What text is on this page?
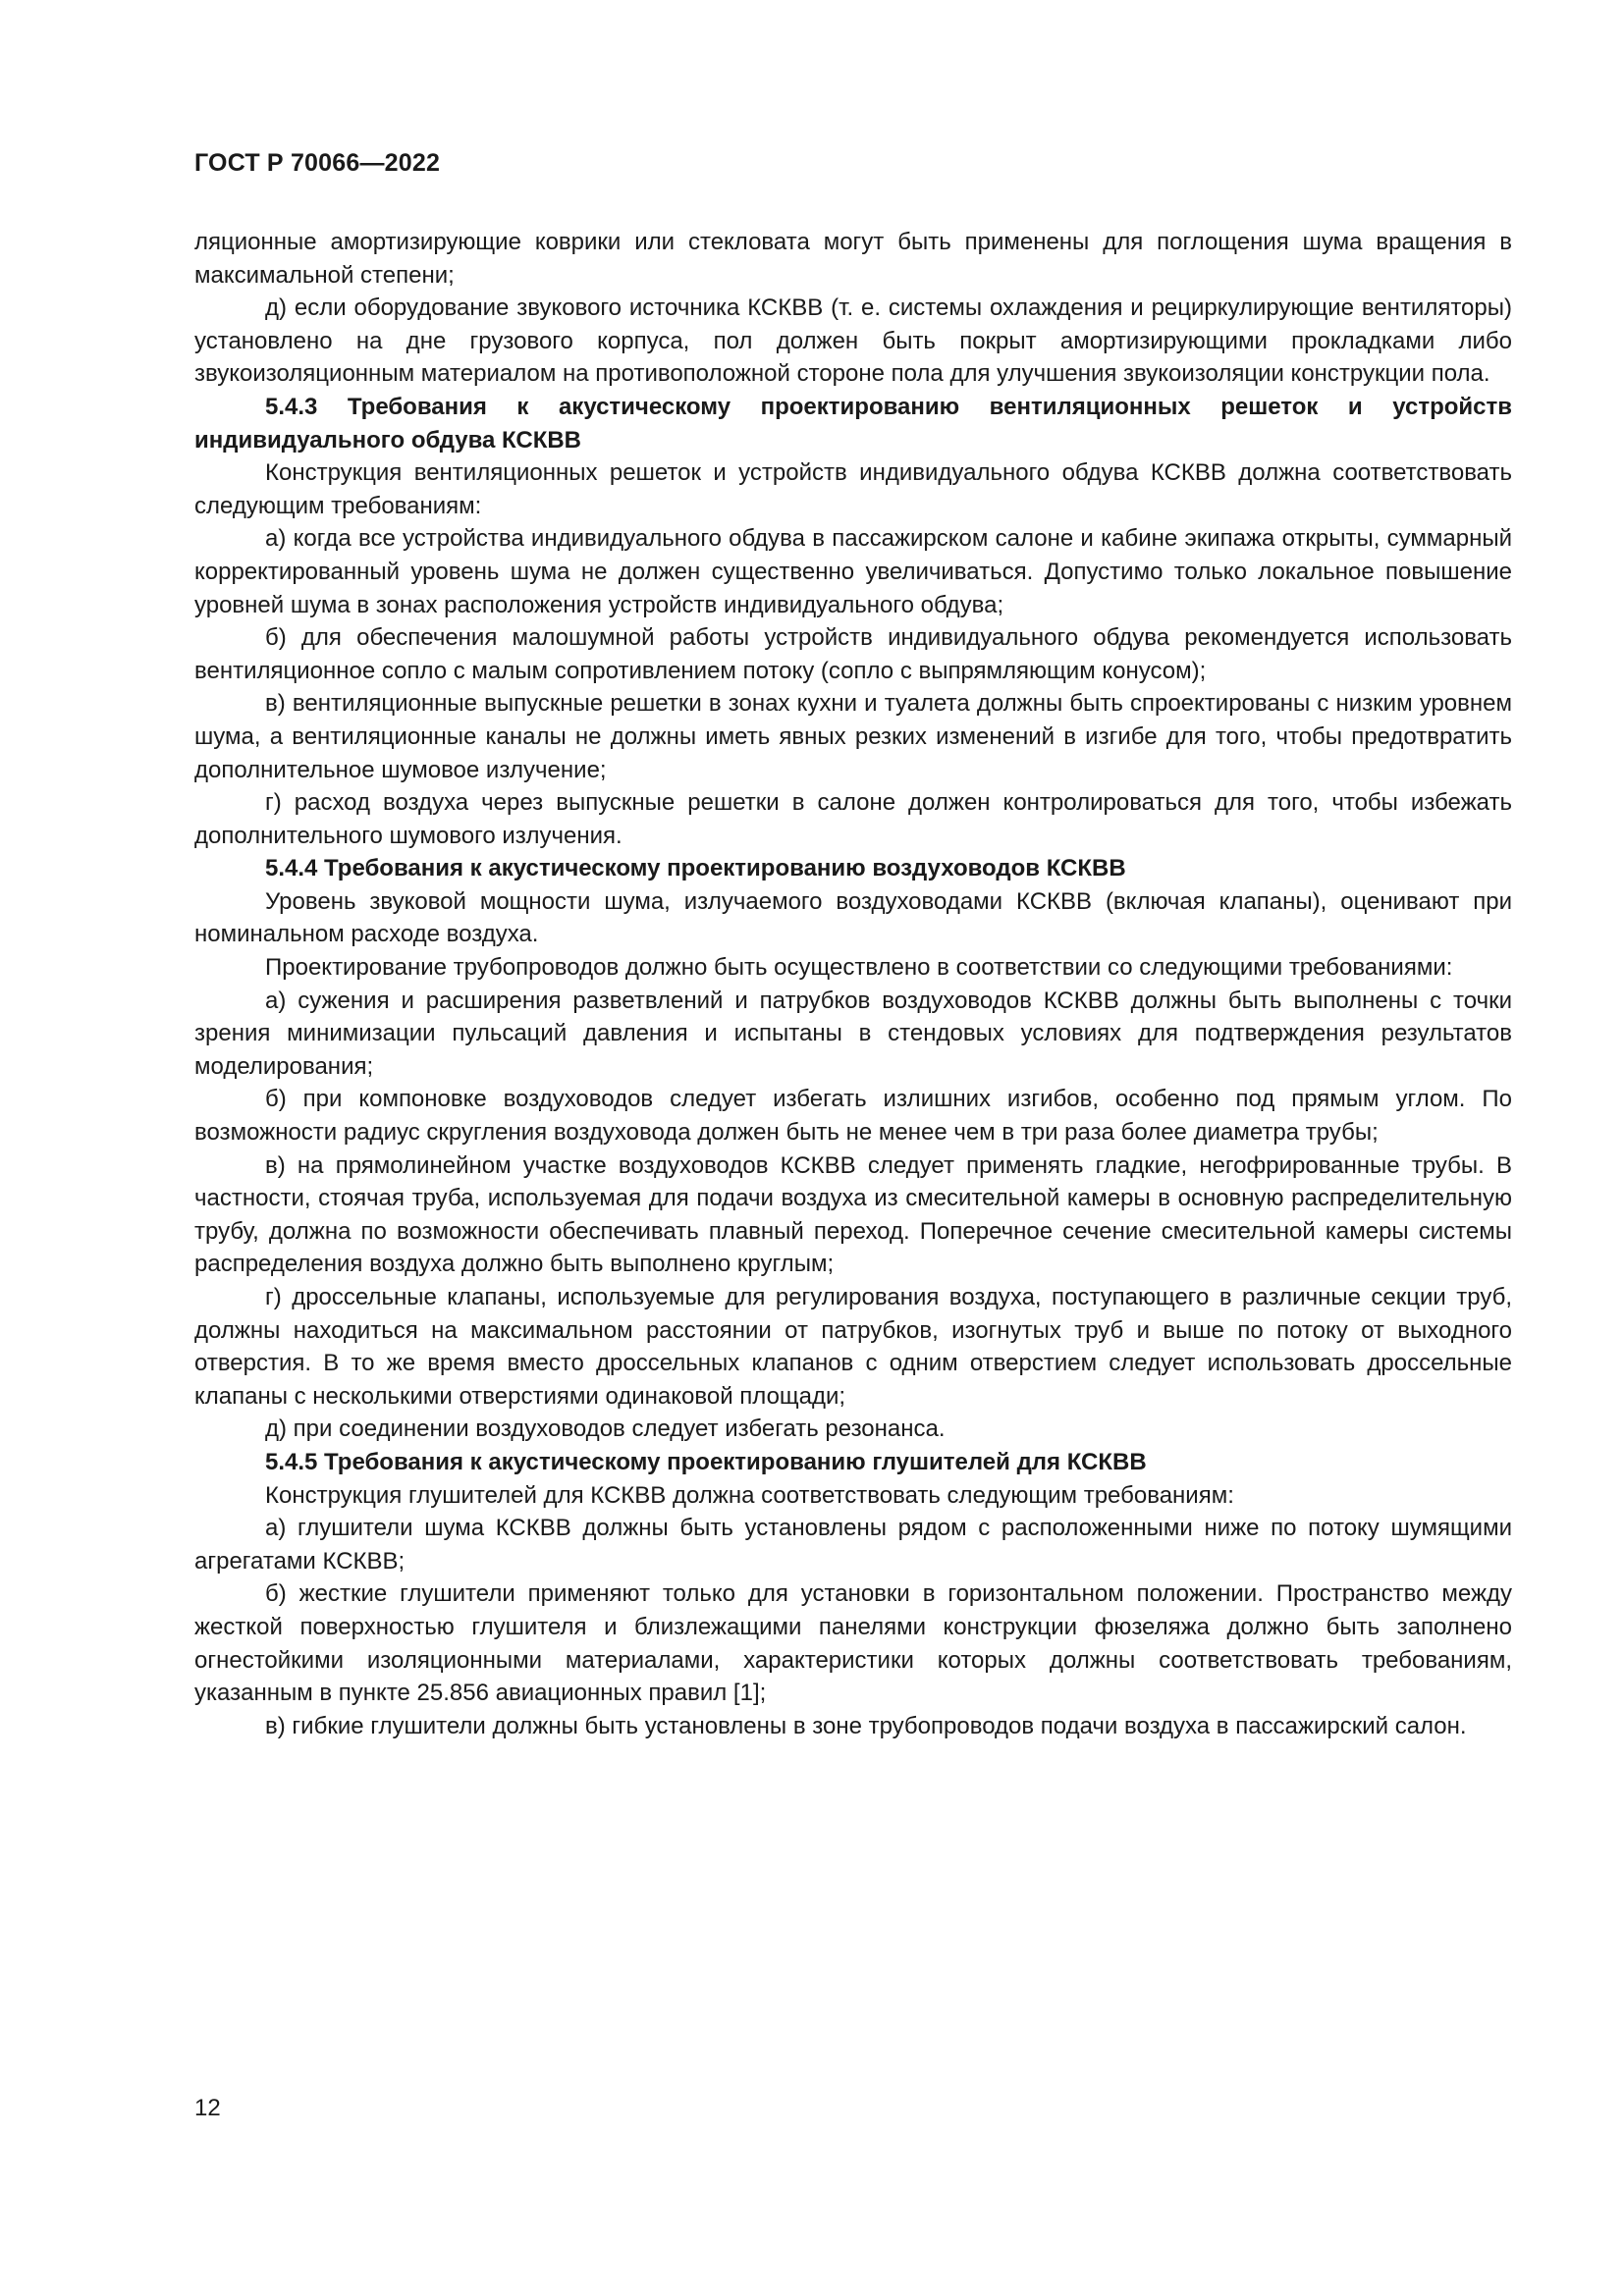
ГОСТ Р 70066—2022

ляционные амортизирующие коврики или стекловата могут быть применены для поглощения шума вращения в максимальной степени;

д) если оборудование звукового источника КСКВВ (т. е. системы охлаждения и рециркулирующие вентиляторы) установлено на дне грузового корпуса, пол должен быть покрыт амортизирующими прокладками либо звукоизоляционным материалом на противоположной стороне пола для улучшения звукоизоляции конструкции пола.

5.4.3 Требования к акустическому проектированию вентиляционных решеток и устройств индивидуального обдува КСКВВ

Конструкция вентиляционных решеток и устройств индивидуального обдува КСКВВ должна соответствовать следующим требованиям:

а) когда все устройства индивидуального обдува в пассажирском салоне и кабине экипажа открыты, суммарный корректированный уровень шума не должен существенно увеличиваться. Допустимо только локальное повышение уровней шума в зонах расположения устройств индивидуального обдува;

б) для обеспечения малошумной работы устройств индивидуального обдува рекомендуется использовать вентиляционное сопло с малым сопротивлением потоку (сопло с выпрямляющим конусом);

в) вентиляционные выпускные решетки в зонах кухни и туалета должны быть спроектированы с низким уровнем шума, а вентиляционные каналы не должны иметь явных резких изменений в изгибе для того, чтобы предотвратить дополнительное шумовое излучение;

г) расход воздуха через выпускные решетки в салоне должен контролироваться для того, чтобы избежать дополнительного шумового излучения.

5.4.4 Требования к акустическому проектированию воздуховодов КСКВВ

Уровень звуковой мощности шума, излучаемого воздуховодами КСКВВ (включая клапаны), оценивают при номинальном расходе воздуха.

Проектирование трубопроводов должно быть осуществлено в соответствии со следующими требованиями:

а) сужения и расширения разветвлений и патрубков воздуховодов КСКВВ должны быть выполнены с точки зрения минимизации пульсаций давления и испытаны в стендовых условиях для подтверждения результатов моделирования;

б) при компоновке воздуховодов следует избегать излишних изгибов, особенно под прямым углом. По возможности радиус скругления воздуховода должен быть не менее чем в три раза более диаметра трубы;

в) на прямолинейном участке воздуховодов КСКВВ следует применять гладкие, негофрированные трубы. В частности, стоячая труба, используемая для подачи воздуха из смесительной камеры в основную распределительную трубу, должна по возможности обеспечивать плавный переход. Поперечное сечение смесительной камеры системы распределения воздуха должно быть выполнено круглым;

г) дроссельные клапаны, используемые для регулирования воздуха, поступающего в различные секции труб, должны находиться на максимальном расстоянии от патрубков, изогнутых труб и выше по потоку от выходного отверстия. В то же время вместо дроссельных клапанов с одним отверстием следует использовать дроссельные клапаны с несколькими отверстиями одинаковой площади;

д) при соединении воздуховодов следует избегать резонанса.

5.4.5 Требования к акустическому проектированию глушителей для КСКВВ

Конструкция глушителей для КСКВВ должна соответствовать следующим требованиям:

а) глушители шума КСКВВ должны быть установлены рядом с расположенными ниже по потоку шумящими агрегатами КСКВВ;

б) жесткие глушители применяют только для установки в горизонтальном положении. Пространство между жесткой поверхностью глушителя и близлежащими панелями конструкции фюзеляжа должно быть заполнено огнестойкими изоляционными материалами, характеристики которых должны соответствовать требованиям, указанным в пункте 25.856 авиационных правил [1];

в) гибкие глушители должны быть установлены в зоне трубопроводов подачи воздуха в пассажирский салон.

12
